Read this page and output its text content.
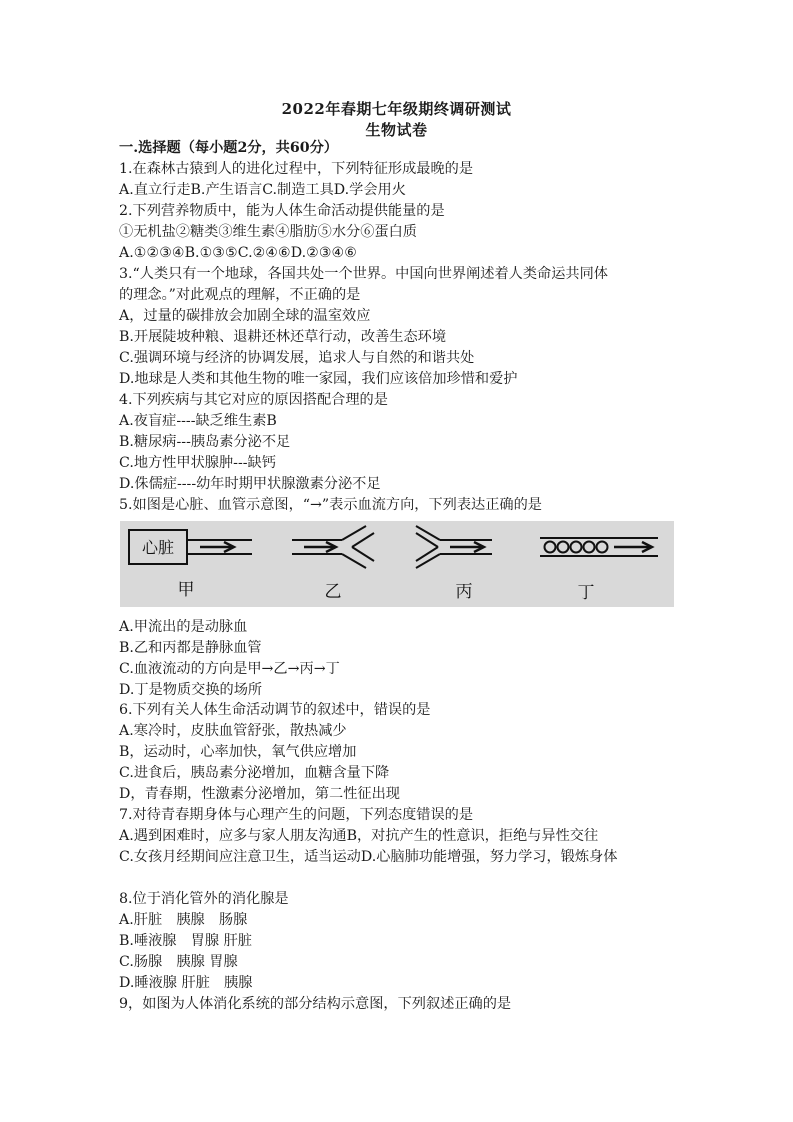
2022年春期七年级期终调研测试
生物试卷
一.选择题（每小题2分，共60分）
1.在森林古猿到人的进化过程中，下列特征形成最晚的是
A.直立行走B.产生语言C.制造工具D.学会用火
2.下列营养物质中，能为人体生命活动提供能量的是
①无机盐②糖类③维生素④脂肪⑤水分⑥蛋白质
A.①②③④B.①③⑤C.②④⑥D.②③④⑥
3.“人类只有一个地球，各国共处一个世界。中国向世界阐述着人类命运共同体
的理念。”对此观点的理解，不正确的是
A，过量的碳排放会加剧全球的温室效应
B.开展陡坡种粮、退耕还林还草行动，改善生态环境
C.强调环境与经济的协调发展，追求人与自然的和谐共处
D.地球是人类和其他生物的唯一家园，我们应该倍加珍惜和爱护
4.下列疾病与其它对应的原因搭配合理的是
A.夜盲症----缺乏维生素B
B.糖尿病---胰岛素分泌不足
C.地方性甲状腺肿---缺钙
D.侏儒症----幼年时期甲状腺激素分泌不足
5.如图是心脏、血管示意图，“→”表示血流方向，下列表达正确的是
心脏
甲	乙	丙	丁
A.甲流出的是动脉血
B.乙和丙都是静脉血管
C.血液流动的方向是甲→乙→丙→丁
D.丁是物质交换的场所
6.下列有关人体生命活动调节的叙述中，错误的是
A.寒冷时，皮肤血管舒张，散热减少
B，运动时，心率加快，氧气供应增加
C.进食后，胰岛素分泌增加，血糖含量下降
D，青春期，性激素分泌增加，第二性征出现
7.对待青春期身体与心理产生的问题，下列态度错误的是
A.遇到困难时，应多与家人朋友沟通B，对抗产生的性意识，拒绝与异性交往
C.女孩月经期间应注意卫生，适当运动D.心脑肺功能增强，努力学习，锻炼身体
8.位于消化管外的消化腺是
A.肝脏　胰腺　肠腺
B.唾液腺　胃腺 肝脏
C.肠腺　胰腺 胃腺
D.睡液腺 肝脏　胰腺
9，如图为人体消化系统的部分结构示意图，下列叙述正确的是
